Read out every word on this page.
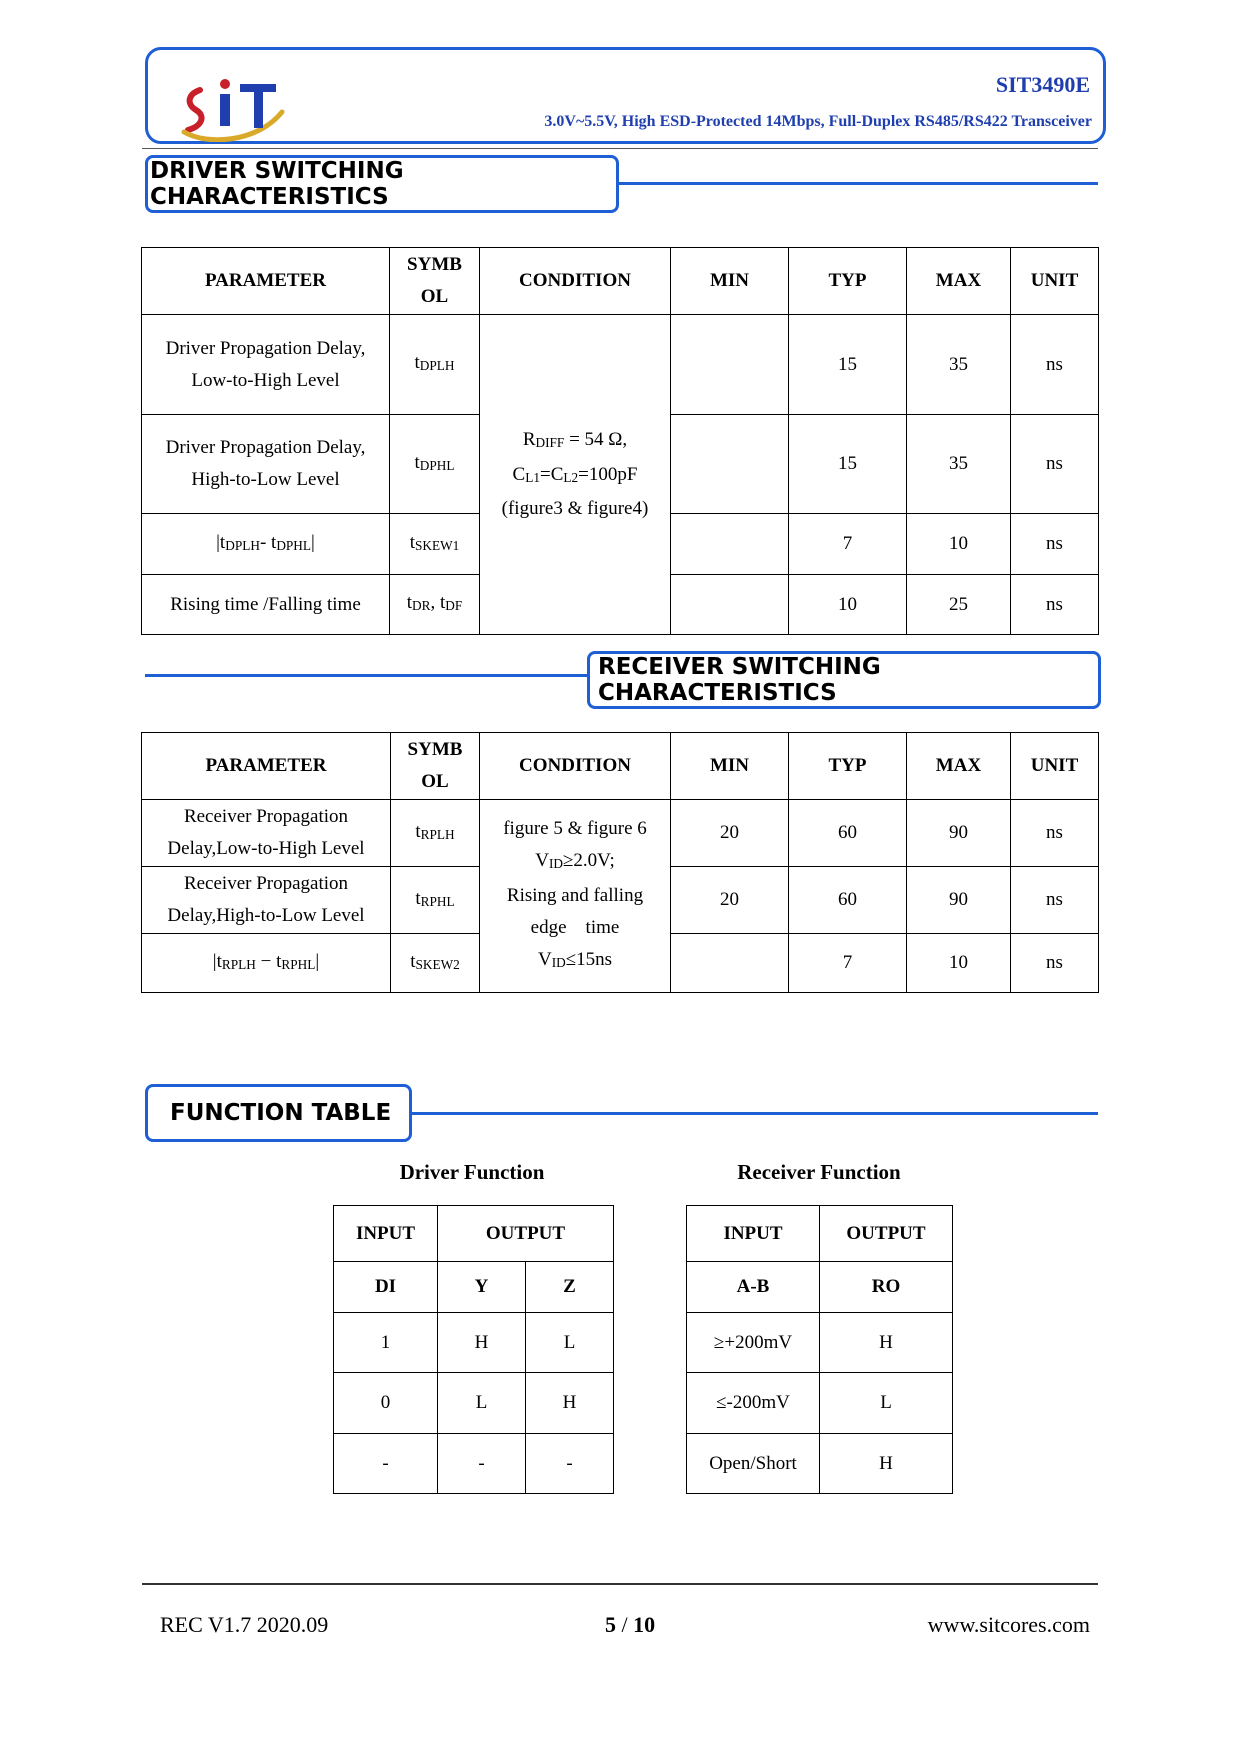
SIT3490E
3.0V~5.5V, High ESD-Protected 14Mbps, Full-Duplex RS485/RS422 Transceiver
DRIVER SWITCHING CHARACTERISTICS
PARAMETER	SYMB OL	CONDITION	MIN	TYP	MAX	UNIT
Driver Propagation Delay, Low-to-High Level	$t_{DPLH}$	$R_{DIFF} = 54$ Ω,
$C_{L1}=C_{L2}=100pF$
(figure3 & figure4)		15	35	ns
Driver Propagation Delay, High-to-Low Level	$t_{DPHL}$			15	35	ns
$|t_{DPLH}-$ $t_{DPHL}|$	$t_{SKEW1}$			7	10	ns
Rising time /Falling time	$t_{DR}$, $t_{DF}$			10	25	ns
RECEIVER SWITCHING CHARACTERISTICS
PARAMETER	SYMB OL	CONDITION	MIN	TYP	MAX	UNIT
Receiver Propagation Delay,Low-to-High Level	$t_{RPLH}$	figure 5 & figure 6
$V_{ID}\ge 2.0V$;
Rising and falling
edge    time
$V_{ID}\le 15ns$	20	60	90	ns
Receiver Propagation Delay,High-to-Low Level	$t_{RPHL}$		20	60	90	ns
$|t_{RPLH} - t_{RPHL}|$	$t_{SKEW2}$			7	10	ns
FUNCTION TABLE
Driver Function	Receiver Function
INPUT	OUTPUT	
DI	Y	Z
1	H	L
0	L	H
-	-	-
INPUT	OUTPUT
A-B	RO
≥+200mV	H
≤-200mV	L
Open/Short	H
REC V1.7 2020.09	5 / 10	www.sitcores.com
